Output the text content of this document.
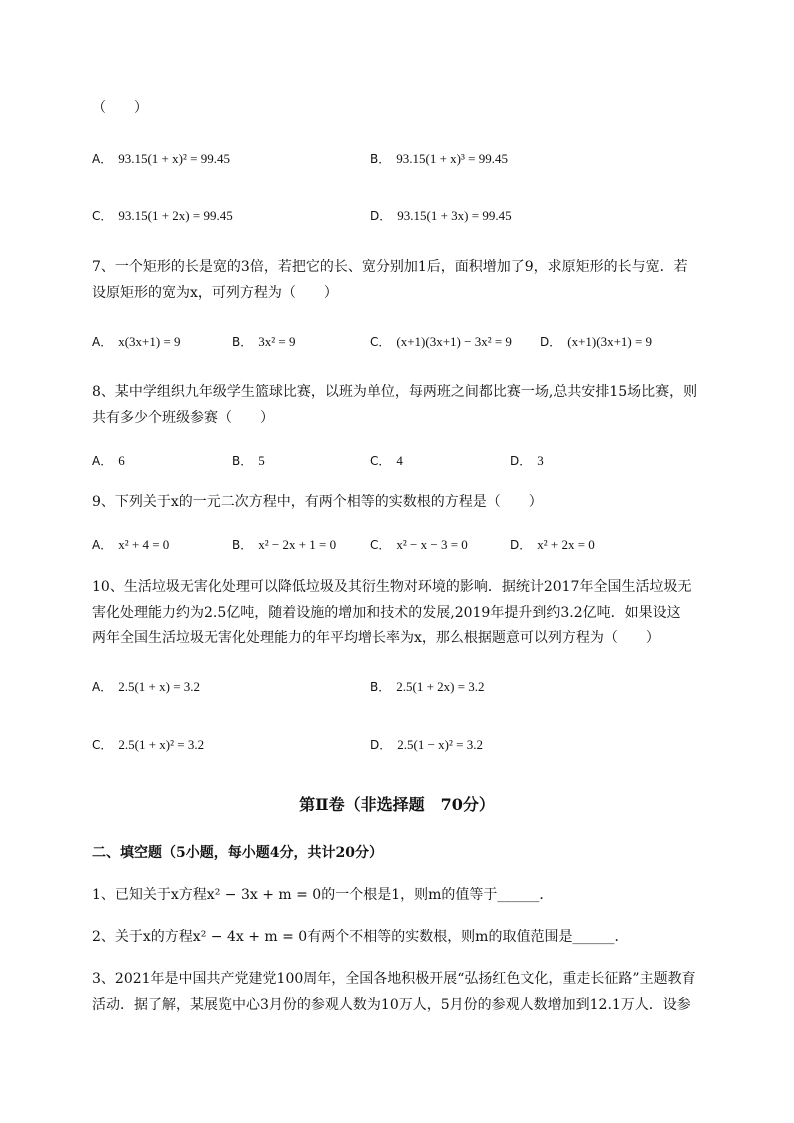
（　　）
A． 93.15(1 + x)² = 99.45	B． 93.15(1 + x)³ = 99.45
C． 93.15(1 + 2x) = 99.45	D． 93.15(1 + 3x) = 99.45
7、一个矩形的长是宽的3倍，若把它的长、宽分别加1后，面积增加了9，求原矩形的长与宽．若
设原矩形的宽为x，可列方程为（　　）
A． x(3x+1) = 9	B． 3x² = 9	C． (x+1)(3x+1) − 3x² = 9 D． (x+1)(3x+1) = 9
8、某中学组织九年级学生篮球比赛，以班为单位，每两班之间都比赛一场,总共安排15场比赛，则
共有多少个班级参赛（　　）
A． 6	B． 5	C． 4	D． 3
9、下列关于x的一元二次方程中，有两个相等的实数根的方程是（　　）
A． x² + 4 = 0	B． x² − 2x + 1 = 0	C． x² − x − 3 = 0	D． x² + 2x = 0
10、生活垃圾无害化处理可以降低垃圾及其衍生物对环境的影响．据统计2017年全国生活垃圾无
害化处理能力约为2.5亿吨，随着设施的增加和技术的发展,2019年提升到约3.2亿吨．如果设这
两年全国生活垃圾无害化处理能力的年平均增长率为x，那么根据题意可以列方程为（　　）
A． 2.5(1 + x) = 3.2	B． 2.5(1 + 2x) = 3.2
C． 2.5(1 + x)² = 3.2	D． 2.5(1 − x)² = 3.2
第Ⅱ卷（非选择题　70分）
二、填空题（5小题，每小题4分，共计20分）
1、已知关于x方程x² − 3x + m = 0的一个根是1，则m的值等于______．
2、关于x的方程x² − 4x + m = 0有两个不相等的实数根，则m的取值范围是______．
3、2021年是中国共产党建党100周年，全国各地积极开展“弘扬红色文化，重走长征路”主题教育
活动．据了解，某展览中心3月份的参观人数为10万人，5月份的参观人数增加到12.1万人．设参
